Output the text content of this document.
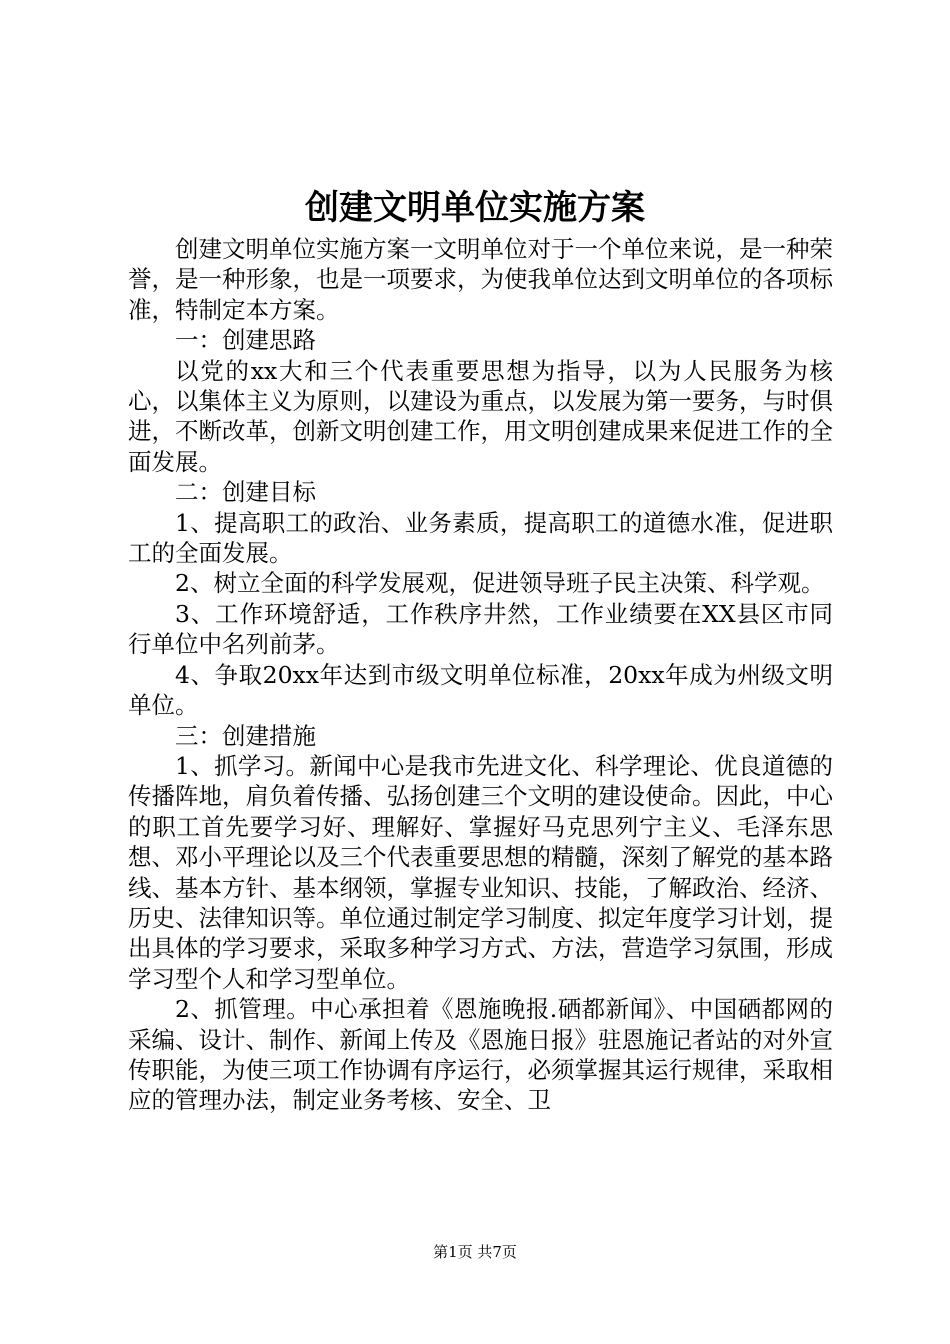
创建文明单位实施方案

创建文明单位实施方案一文明单位对于一个单位来说，是一种荣誉，是一种形象，也是一项要求，为使我单位达到文明单位的各项标准，特制定本方案。

一：创建思路

以党的xx大和三个代表重要思想为指导，以为人民服务为核心，以集体主义为原则，以建设为重点，以发展为第一要务，与时俱进，不断改革，创新文明创建工作，用文明创建成果来促进工作的全面发展。

二：创建目标

1、提高职工的政治、业务素质，提高职工的道德水准，促进职工的全面发展。

2、树立全面的科学发展观，促进领导班子民主决策、科学观。

3、工作环境舒适，工作秩序井然，工作业绩要在XX县区市同行单位中名列前茅。

4、争取20xx年达到市级文明单位标准，20xx年成为州级文明单位。

三：创建措施

1、抓学习。新闻中心是我市先进文化、科学理论、优良道德的传播阵地，肩负着传播、弘扬创建三个文明的建设使命。因此，中心的职工首先要学习好、理解好、掌握好马克思列宁主义、毛泽东思想、邓小平理论以及三个代表重要思想的精髓，深刻了解党的基本路线、基本方针、基本纲领，掌握专业知识、技能，了解政治、经济、历史、法律知识等。单位通过制定学习制度、拟定年度学习计划，提出具体的学习要求，采取多种学习方式、方法，营造学习氛围，形成学习型个人和学习型单位。

2、抓管理。中心承担着《恩施晚报.硒都新闻》、中国硒都网的采编、设计、制作、新闻上传及《恩施日报》驻恩施记者站的对外宣传职能，为使三项工作协调有序运行，必须掌握其运行规律，采取相应的管理办法，制定业务考核、安全、卫

第1页 共7页
